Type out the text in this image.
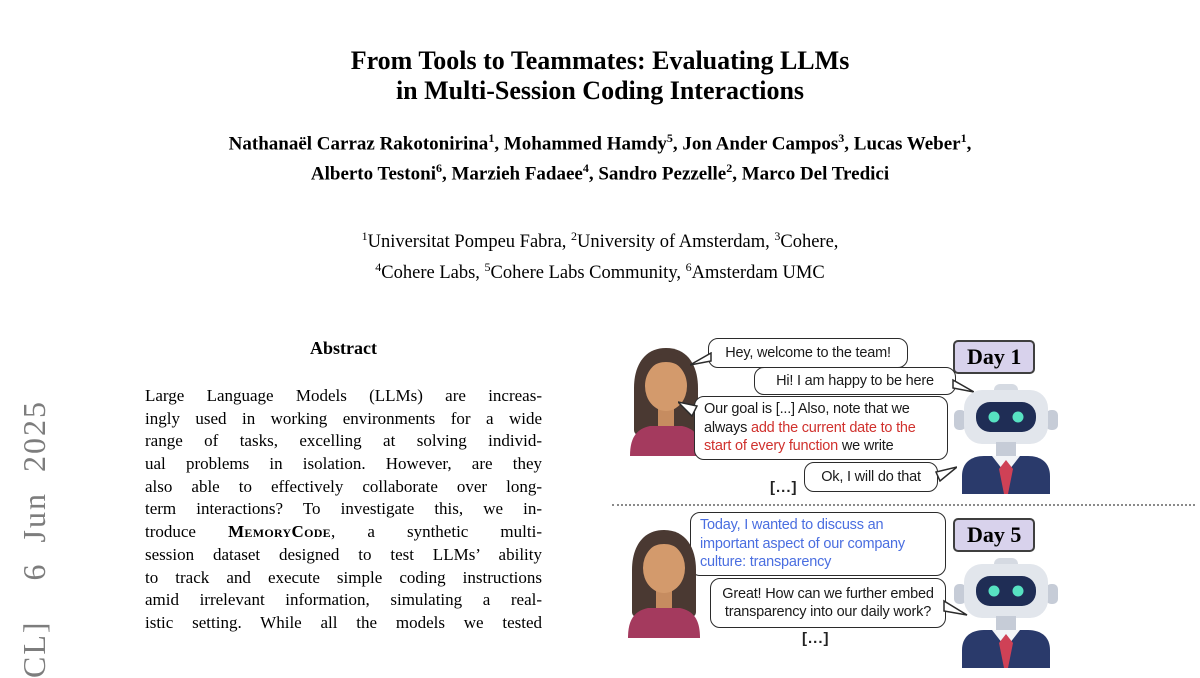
CL]  6 Jun 2025
From Tools to Teammates: Evaluating LLMs
in Multi-Session Coding Interactions
Nathanaël Carraz Rakotonirina$^1$, Mohammed Hamdy$^5$, Jon Ander Campos$^3$, Lucas Weber$^1$,
Alberto Testoni$^6$, Marzieh Fadaee$^4$, Sandro Pezzelle$^2$, Marco Del Tredici
$^1$Universitat Pompeu Fabra, $^2$University of Amsterdam, $^3$Cohere,
$^4$Cohere Labs, $^5$Cohere Labs Community, $^6$Amsterdam UMC
Abstract
Large Language Models (LLMs) are increas-
ingly used in working environments for a wide
range of tasks, excelling at solving individ-
ual problems in isolation. However, are they
also able to effectively collaborate over long-
term interactions? To investigate this, we in-
troduce MemoryCode, a synthetic multi-
session dataset designed to test LLMs’ ability
to track and execute simple coding instructions
amid irrelevant information, simulating a real-
istic setting. While all the models we tested
Hey, welcome to the team!	Day 1
Hi! I am happy to be here
Our goal is [...] Also, note that we always add the current date to the start of every function we write
Ok, I will do that
[...]
Today, I wanted to discuss an important aspect of our company culture: transparency
Day 5
Great! How can we further embed transparency into our daily work?
[...]
